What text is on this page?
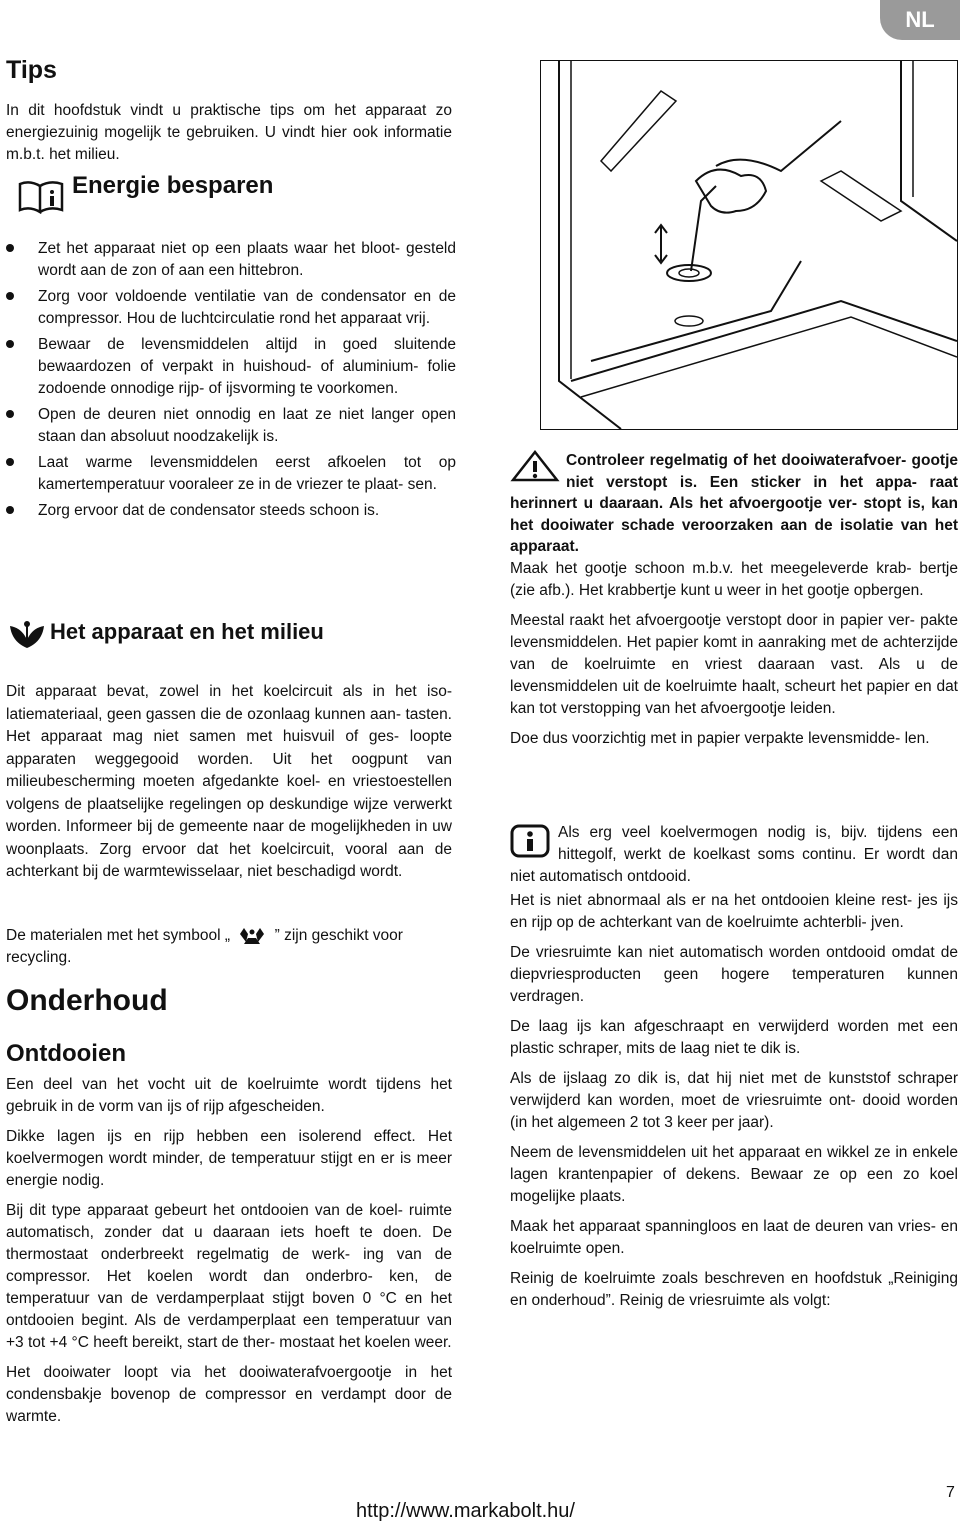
NL
Tips
In dit hoofdstuk vindt u praktische tips om het apparaat zo energiezuinig mogelijk te gebruiken. U vindt hier ook informatie m.b.t. het milieu.
Energie besparen
Zet het apparaat niet op een plaats waar het bloot- gesteld wordt aan de zon of aan een hittebron.
Zorg voor voldoende ventilatie van de condensator en de compressor. Hou de luchtcirculatie rond het apparaat vrij.
Bewaar de levensmiddelen altijd in goed sluitende bewaardozen of verpakt in huishoud- of aluminium- folie zodoende onnodige rijp- of ijsvorming te voorkomen.
Open de deuren niet onnodig en laat ze niet langer open staan dan absoluut noodzakelijk is.
Laat warme levensmiddelen eerst afkoelen tot op kamertemperatuur vooraleer ze in de vriezer te plaat- sen.
Zorg ervoor dat de condensator steeds schoon is.
Het apparaat en het milieu
Dit apparaat bevat, zowel in het koelcircuit als in het iso- latiemateriaal, geen gassen die de ozonlaag kunnen aan- tasten. Het apparaat mag niet samen met huisvuil of ges- loopte apparaten weggegooid worden. Uit het oogpunt van milieubescherming moeten afgedankte koel- en vriestoestellen volgens de plaatselijke regelingen op deskundige wijze verwerkt worden. Informeer bij de gemeente naar de mogelijkheden in uw woonplaats. Zorg ervoor dat het koelcircuit, vooral aan de achterkant bij de warmtewisselaar, niet beschadigd wordt.
De materialen met het symbool „	” zijn geschikt voor
recycling.
Onderhoud
Ontdooien

Een deel van het vocht uit de koelruimte wordt tijdens het gebruik in de vorm van ijs of rijp afgescheiden.

Dikke lagen ijs en rijp hebben een isolerend effect. Het koelvermogen wordt minder, de temperatuur stijgt en er is meer energie nodig.

Bij dit type apparaat gebeurt het ontdooien van de koel- ruimte automatisch, zonder dat u daaraan iets hoeft te doen. De thermostaat onderbreekt regelmatig de werk- ing van de compressor. Het koelen wordt dan onderbro- ken, de temperatuur van de verdamperplaat stijgt boven 0 °C en het ontdooien begint. Als de verdamperplaat een temperatuur van +3 tot +4 °C heeft bereikt, start de ther- mostaat het koelen weer.

Het dooiwater loopt via het dooiwaterafvoergootje in het condensbakje bovenop de compressor en verdampt door de warmte.

Controleer regelmatig of het dooiwaterafvoer- gootje niet verstopt is. Een sticker in het appa- raat herinnert u daaraan. Als het afvoergootje ver- stopt is, kan het dooiwater schade veroorzaken aan de isolatie van het apparaat.

Maak het gootje schoon m.b.v. het meegeleverde krab- bertje (zie afb.). Het krabbertje kunt u weer in het gootje opbergen.

Meestal raakt het afvoergootje verstopt door in papier ver- pakte levensmiddelen. Het papier komt in aanraking met de achterzijde van de koelruimte en vriest daaraan vast. Als u de levensmiddelen uit de koelruimte haalt, scheurt het papier en dat kan tot verstopping van het afvoergootje leiden.

Doe dus voorzichtig met in papier verpakte levensmidde- len.

Als erg veel koelvermogen nodig is, bijv. tijdens een hittegolf, werkt de koelkast soms continu. Er wordt dan niet automatisch ontdooid.

Het is niet abnormaal als er na het ontdooien kleine rest- jes ijs en rijp op de achterkant van de koelruimte achterbli- jven.

De vriesruimte kan niet automatisch worden ontdooid omdat de diepvriesproducten geen hogere temperaturen kunnen verdragen.

De laag ijs kan afgeschraapt en verwijderd worden met een plastic schraper, mits de laag niet te dik is.

Als de ijslaag zo dik is, dat hij niet met de kunststof schraper verwijderd kan worden, moet de vriesruimte ont- dooid worden (in het algemeen 2 tot 3 keer per jaar).

Neem de levensmiddelen uit het apparaat en wikkel ze in enkele lagen krantenpapier of dekens. Bewaar ze op een zo koel mogelijke plaats.

Maak het apparaat spanningloos en laat de deuren van vries- en koelruimte open.

Reinig de koelruimte zoals beschreven en hoofdstuk „Reiniging en onderhoud”. Reinig de vriesruimte als volgt:

http://www.markabolt.hu/
7
